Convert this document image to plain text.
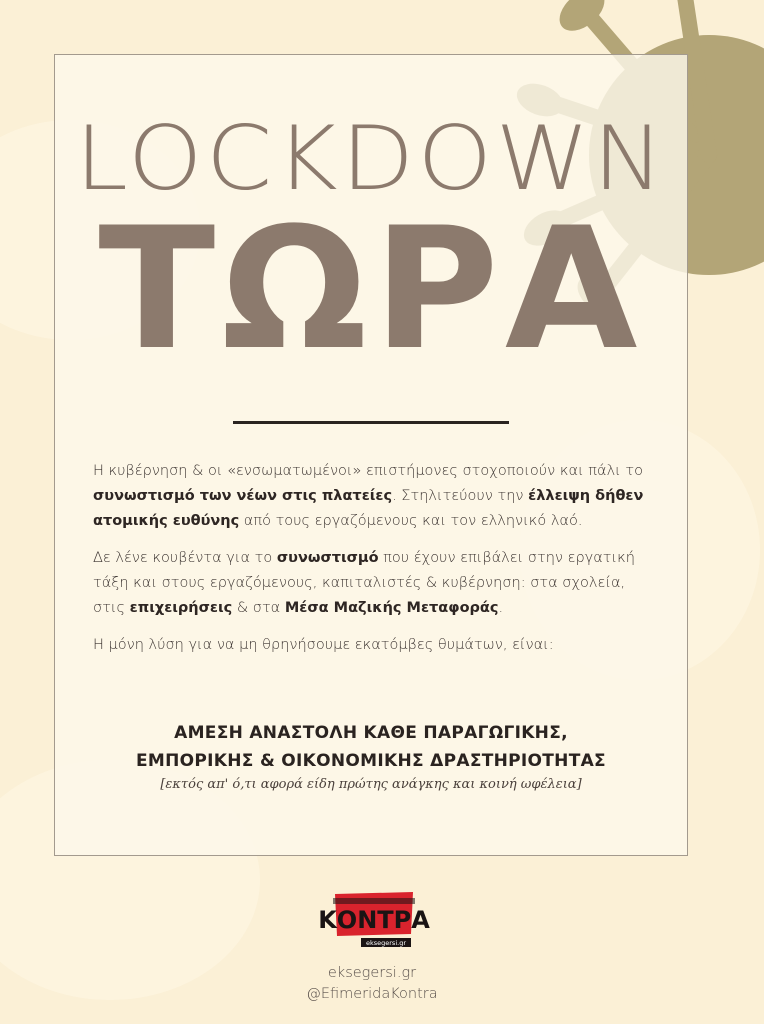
LOCKDOWN
ΤΩΡΑ

Η κυβέρνηση & οι «ενσωματωμένοι» επιστήμονες στοχοποιούν και πάλι το συνωστισμό των νέων στις πλατείες. Στηλιτεύουν την έλλειψη δήθεν ατομικής ευθύνης από τους εργαζόμενους και τον ελληνικό λαό.

Δε λένε κουβέντα για το συνωστισμό που έχουν επιβάλει στην εργατική τάξη και στους εργαζόμενους, καπιταλιστές & κυβέρνηση: στα σχολεία, στις επιχειρήσεις & στα Μέσα Μαζικής Μεταφοράς.

Η μόνη λύση για να μη θρηνήσουμε εκατόμβες θυμάτων, είναι:

ΑΜΕΣΗ ΑΝΑΣΤΟΛΗ ΚΑΘΕ ΠΑΡΑΓΩΓΙΚΗΣ,
ΕΜΠΟΡΙΚΗΣ & ΟΙΚΟΝΟΜΙΚΗΣ ΔΡΑΣΤΗΡΙΟΤΗΤΑΣ
[εκτός απ' ό,τι αφορά είδη πρώτης ανάγκης και κοινή ωφέλεια]
ΚΟΝΤΡΑ
eksegersi.gr
eksegersi.gr
@EfimeridaKontra
